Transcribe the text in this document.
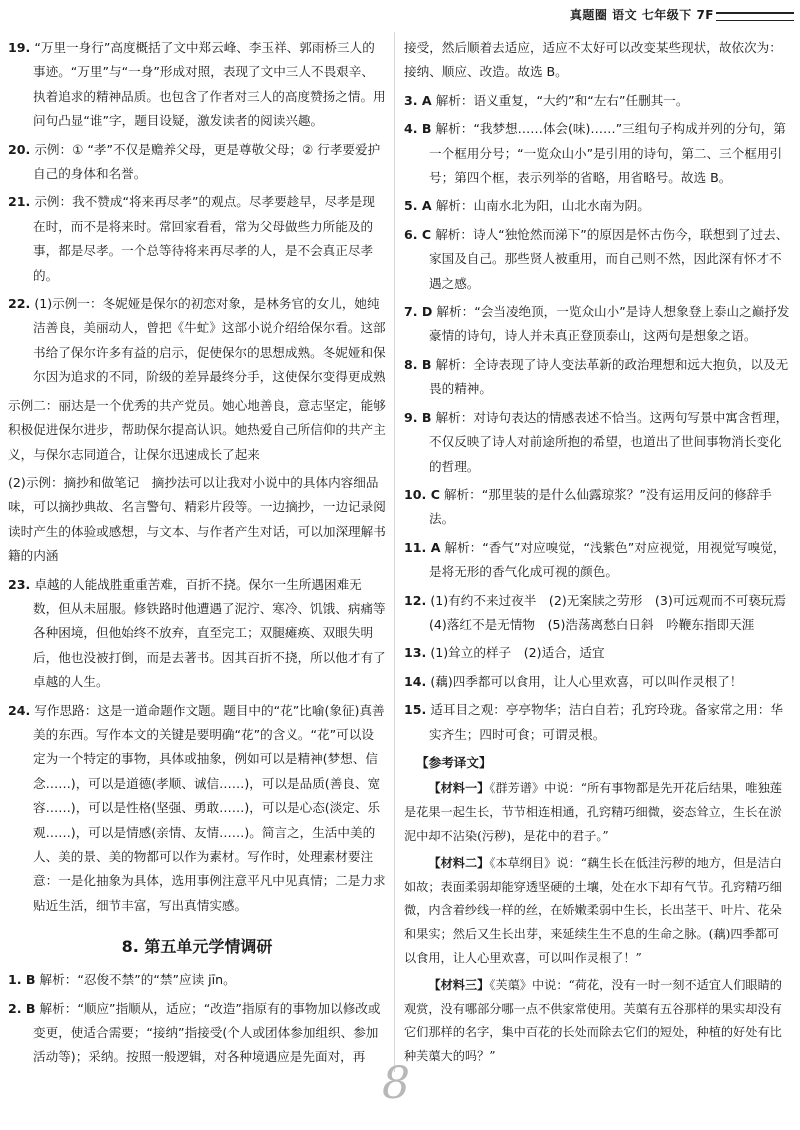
真题圈 语文 七年级下 7F
19. “万里一身行”高度概括了文中郑云峰、李玉祥、郭雨桥三人的事迹。“万里”与“一身”形成对照，表现了文中三人不畏艰辛、执着追求的精神品质。也包含了作者对三人的高度赞扬之情。用问句凸显“谁”字，题目设疑，激发读者的阅读兴趣。
20. 示例：① “孝”不仅是赡养父母，更是尊敬父母；② 行孝要爱护自己的身体和名誉。
21. 示例：我不赞成“将来再尽孝”的观点。尽孝要趁早，尽孝是现在时，而不是将来时。常回家看看，常为父母做些力所能及的事，都是尽孝。一个总等待将来再尽孝的人，是不会真正尽孝的。
22. (1)示例一：冬妮娅是保尔的初恋对象，是林务官的女儿，她纯洁善良，美丽动人，曾把《牛虻》这部小说介绍给保尔看。这部书给了保尔许多有益的启示，促使保尔的思想成熟。冬妮娅和保尔因为追求的不同，阶级的差异最终分手，这使保尔变得更成熟
示例二：丽达是一个优秀的共产党员。她心地善良，意志坚定，能够积极促进保尔进步，帮助保尔提高认识。她热爱自己所信仰的共产主义，与保尔志同道合，让保尔迅速成长了起来
(2)示例：摘抄和做笔记　摘抄法可以让我对小说中的具体内容细品味，可以摘抄典故、名言警句、精彩片段等。一边摘抄，一边记录阅读时产生的体验或感想，与文本、与作者产生对话，可以加深理解书籍的内涵
23. 卓越的人能战胜重重苦难，百折不挠。保尔一生所遇困难无数，但从未屈服。修铁路时他遭遇了泥泞、寒冷、饥饿、病痛等各种困境，但他始终不放弃，直至完工；双腿瘫痪、双眼失明后，他也没被打倒，而是去著书。因其百折不挠，所以他才有了卓越的人生。
24. 写作思路：这是一道命题作文题。题目中的“花”比喻(象征)真善美的东西。写作本文的关键是要明确“花”的含义。“花”可以设定为一个特定的事物，具体或抽象，例如可以是精神(梦想、信念……)，可以是道德(孝顺、诚信……)，可以是品质(善良、宽容……)，可以是性格(坚强、勇敢……)，可以是心态(淡定、乐观……)，可以是情感(亲情、友情……)。简言之，生活中美的人、美的景、美的物都可以作为素材。写作时，处理素材要注意：一是化抽象为具体，选用事例注意平凡中见真情；二是力求贴近生活，细节丰富，写出真情实感。
8. 第五单元学情调研
1. B 解析：“忍俊不禁”的“禁”应读 jīn。
2. B 解析：“顺应”指顺从，适应；“改造”指原有的事物加以修改或变更，使适合需要；“接纳”指接受(个人或团体参加组织、参加活动等)；采纳。按照一般逻辑，对各种境遇应是先面对，再
接受，然后顺着去适应，适应不太好可以改变某些现状，故依次为：接纳、顺应、改造。故选 B。
3. A 解析：语义重复，“大约”和“左右”任删其一。
4. B 解析：“我梦想……体会(味)……”三组句子构成并列的分句，第一个框用分号；“一览众山小”是引用的诗句，第二、三个框用引号；第四个框，表示列举的省略，用省略号。故选 B。
5. A 解析：山南水北为阳，山北水南为阴。
6. C 解析：诗人“独怆然而涕下”的原因是怀古伤今，联想到了过去、家国及自己。那些贤人被重用，而自己则不然，因此深有怀才不遇之感。
7. D 解析：“会当凌绝顶，一览众山小”是诗人想象登上泰山之巅抒发豪情的诗句，诗人并未真正登顶泰山，这两句是想象之语。
8. B 解析：全诗表现了诗人变法革新的政治理想和远大抱负，以及无畏的精神。
9. B 解析：对诗句表达的情感表述不恰当。这两句写景中寓含哲理，不仅反映了诗人对前途所抱的希望，也道出了世间事物消长变化的哲理。
10. C 解析：“那里装的是什么仙露琼浆？”没有运用反问的修辞手法。
11. A 解析：“香气”对应嗅觉，“浅紫色”对应视觉，用视觉写嗅觉，是将无形的香气化成可视的颜色。
12. (1)有约不来过夜半　(2)无案牍之劳形　(3)可远观而不可亵玩焉　(4)落红不是无情物　(5)浩荡离愁白日斜　吟鞭东指即天涯
13. (1)耸立的样子　(2)适合，适宜
14. (藕)四季都可以食用，让人心里欢喜，可以叫作灵根了！
15. 适耳目之观：亭亭物华；洁白自若；孔窍玲珑。备家常之用：华实齐生；四时可食；可谓灵根。
【参考译文】
【材料一】《群芳谱》中说：“所有事物都是先开花后结果，唯独莲是花果一起生长，节节相连相通，孔窍精巧细微，姿态耸立，生长在淤泥中却不沾染(污秽)，是花中的君子。”
【材料二】《本草纲目》说：“藕生长在低洼污秽的地方，但是洁白如故；表面柔弱却能穿透坚硬的土壤，处在水下却有气节。孔窍精巧细微，内含着纱线一样的丝，在娇嫩柔弱中生长，长出茎干、叶片、花朵和果实；然后又生长出芽，来延续生生不息的生命之脉。(藕)四季都可以食用，让人心里欢喜，可以叫作灵根了！”
【材料三】《芙蕖》中说：“荷花，没有一时一刻不适宜人们眼睛的观赏，没有哪部分哪一点不供家常使用。芙蕖有五谷那样的果实却没有它们那样的名字，集中百花的长处而除去它们的短处，种植的好处有比种芙蕖大的吗？”
8
